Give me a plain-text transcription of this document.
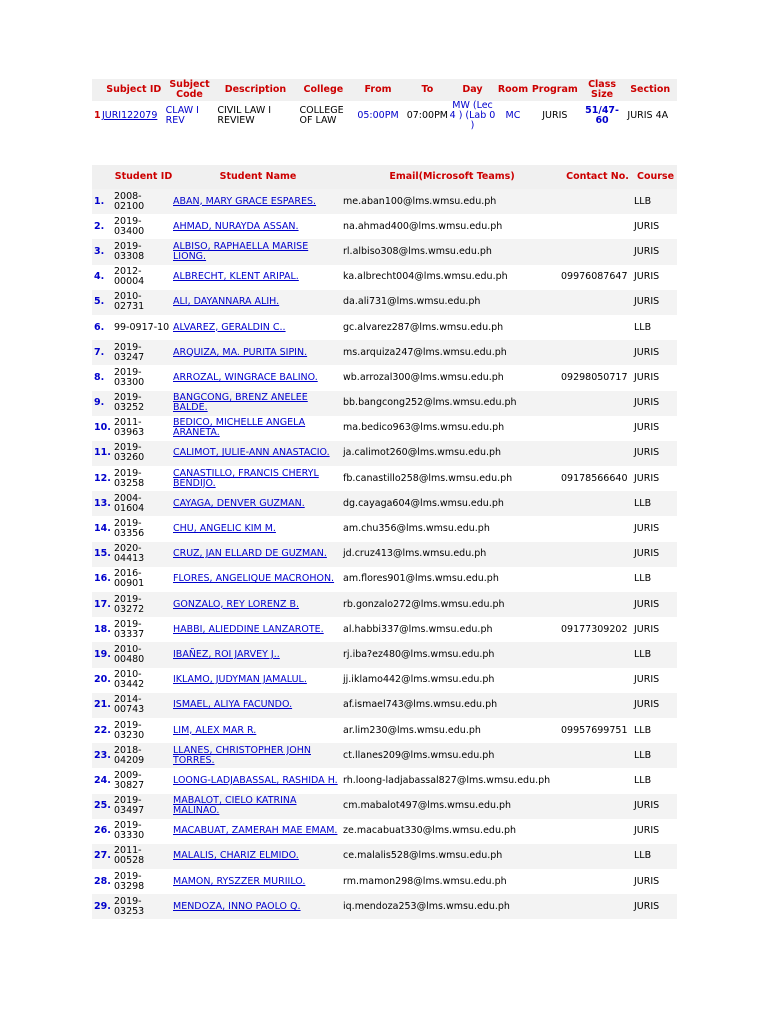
	Subject ID	Subject Code	Description	College	From	To	Day	Room	Program	Class Size	Section
1	JURI122079	CLAW I REV	CIVIL LAW I REVIEW	COLLEGE OF LAW	05:00PM	07:00PM	MW (Lec 4 ) (Lab 0 )	MC	JURIS	51/47-60	JURIS 4A
	Student ID	Student Name	Email(Microsoft Teams)	Contact No.	Course
1.	2008-02100	ABAN, MARY GRACE ESPARES.	me.aban100@lms.wmsu.edu.ph		LLB
2.	2019-03400	AHMAD, NURAYDA ASSAN.	na.ahmad400@lms.wmsu.edu.ph		JURIS
3.	2019-03308	ALBISO, RAPHAELLA MARISE LIONG.	rl.albiso308@lms.wmsu.edu.ph		JURIS
4.	2012-00004	ALBRECHT, KLENT ARIPAL.	ka.albrecht004@lms.wmsu.edu.ph	09976087647	JURIS
5.	2010-02731	ALI, DAYANNARA ALIH.	da.ali731@lms.wmsu.edu.ph		JURIS
6.	99-0917-10	ALVAREZ, GERALDIN C..	gc.alvarez287@lms.wmsu.edu.ph		LLB
7.	2019-03247	ARQUIZA, MA. PURITA SIPIN.	ms.arquiza247@lms.wmsu.edu.ph		JURIS
8.	2019-03300	ARROZAL, WINGRACE BALINO.	wb.arrozal300@lms.wmsu.edu.ph	09298050717	JURIS
9.	2019-03252	BANGCONG, BRENZ ANELEE BALDE.	bb.bangcong252@lms.wmsu.edu.ph		JURIS
10.	2011-03963	BEDICO, MICHELLE ANGELA ARANETA.	ma.bedico963@lms.wmsu.edu.ph		JURIS
11.	2019-03260	CALIMOT, JULIE-ANN ANASTACIO.	ja.calimot260@lms.wmsu.edu.ph		JURIS
12.	2019-03258	CANASTILLO, FRANCIS CHERYL BENDIJO.	fb.canastillo258@lms.wmsu.edu.ph	09178566640	JURIS
13.	2004-01604	CAYAGA, DENVER GUZMAN.	dg.cayaga604@lms.wmsu.edu.ph		LLB
14.	2019-03356	CHU, ANGELIC KIM M.	am.chu356@lms.wmsu.edu.ph		JURIS
15.	2020-04413	CRUZ, JAN ELLARD DE GUZMAN.	jd.cruz413@lms.wmsu.edu.ph		JURIS
16.	2016-00901	FLORES, ANGELIQUE MACROHON.	am.flores901@lms.wmsu.edu.ph		LLB
17.	2019-03272	GONZALO, REY LORENZ B.	rb.gonzalo272@lms.wmsu.edu.ph		JURIS
18.	2019-03337	HABBI, ALIEDDINE LANZAROTE.	al.habbi337@lms.wmsu.edu.ph	09177309202	JURIS
19.	2010-00480	IBAÑEZ, ROI JARVEY J..	rj.iba?ez480@lms.wmsu.edu.ph		LLB
20.	2010-03442	IKLAMO, JUDYMAN JAMALUL.	jj.iklamo442@lms.wmsu.edu.ph		JURIS
21.	2014-00743	ISMAEL, ALIYA FACUNDO.	af.ismael743@lms.wmsu.edu.ph		JURIS
22.	2019-03230	LIM, ALEX MAR R.	ar.lim230@lms.wmsu.edu.ph	09957699751	LLB
23.	2018-04209	LLANES, CHRISTOPHER JOHN TORRES.	ct.llanes209@lms.wmsu.edu.ph		LLB
24.	2009-30827	LOONG-LADJABASSAL, RASHIDA H.	rh.loong-ladjabassal827@lms.wmsu.edu.ph		LLB
25.	2019-03497	MABALOT, CIELO KATRINA MALINAO.	cm.mabalot497@lms.wmsu.edu.ph		JURIS
26.	2019-03330	MACABUAT, ZAMERAH MAE EMAM.	ze.macabuat330@lms.wmsu.edu.ph		JURIS
27.	2011-00528	MALALIS, CHARIZ ELMIDO.	ce.malalis528@lms.wmsu.edu.ph		LLB
28.	2019-03298	MAMON, RYSZZER MURIILO.	rm.mamon298@lms.wmsu.edu.ph		JURIS
29.	2019-03253	MENDOZA, INNO PAOLO Q.	iq.mendoza253@lms.wmsu.edu.ph		JURIS
